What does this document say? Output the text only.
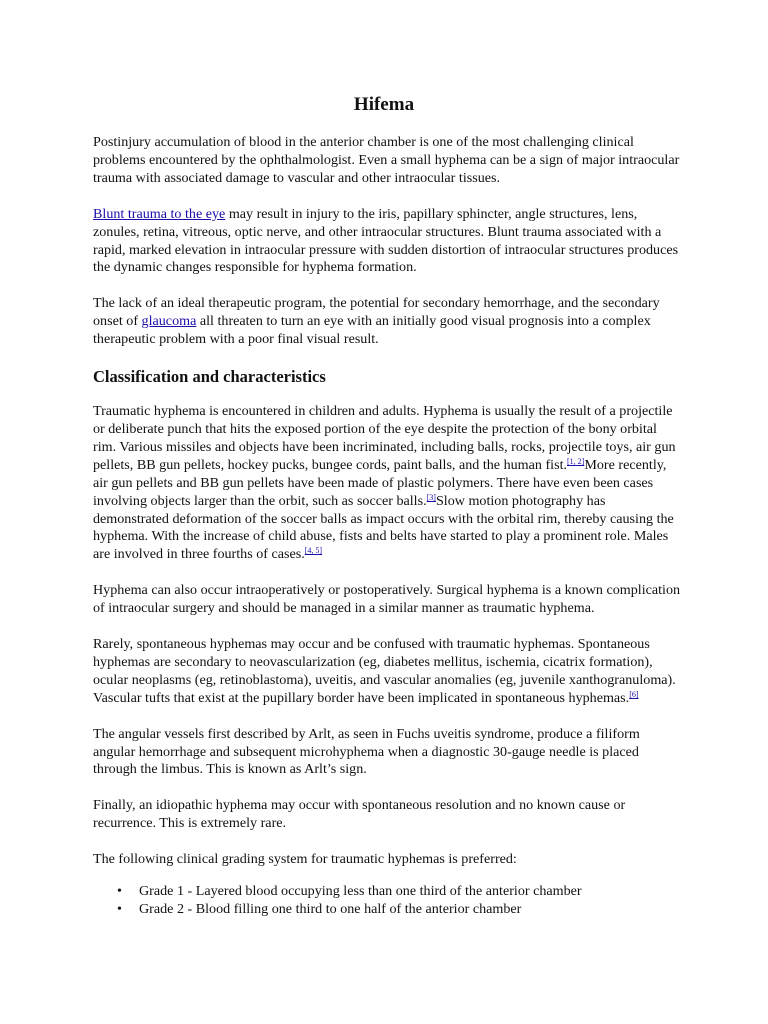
Hifema

Postinjury accumulation of blood in the anterior chamber is one of the most challenging clinical problems encountered by the ophthalmologist. Even a small hyphema can be a sign of major intraocular trauma with associated damage to vascular and other intraocular tissues.

Blunt trauma to the eye may result in injury to the iris, papillary sphincter, angle structures, lens, zonules, retina, vitreous, optic nerve, and other intraocular structures. Blunt trauma associated with a rapid, marked elevation in intraocular pressure with sudden distortion of intraocular structures produces the dynamic changes responsible for hyphema formation.

The lack of an ideal therapeutic program, the potential for secondary hemorrhage, and the secondary onset of glaucoma all threaten to turn an eye with an initially good visual prognosis into a complex therapeutic problem with a poor final visual result.

Classification and characteristics

Traumatic hyphema is encountered in children and adults. Hyphema is usually the result of a projectile or deliberate punch that hits the exposed portion of the eye despite the protection of the bony orbital rim. Various missiles and objects have been incriminated, including balls, rocks, projectile toys, air gun pellets, BB gun pellets, hockey pucks, bungee cords, paint balls, and the human fist.[1, 2]More recently, air gun pellets and BB gun pellets have been made of plastic polymers. There have even been cases involving objects larger than the orbit, such as soccer balls.[3]Slow motion photography has demonstrated deformation of the soccer balls as impact occurs with the orbital rim, thereby causing the hyphema. With the increase of child abuse, fists and belts have started to play a prominent role. Males are involved in three fourths of cases.[4, 5]

Hyphema can also occur intraoperatively or postoperatively. Surgical hyphema is a known complication of intraocular surgery and should be managed in a similar manner as traumatic hyphema.

Rarely, spontaneous hyphemas may occur and be confused with traumatic hyphemas. Spontaneous hyphemas are secondary to neovascularization (eg, diabetes mellitus, ischemia, cicatrix formation), ocular neoplasms (eg, retinoblastoma), uveitis, and vascular anomalies (eg, juvenile xanthogranuloma). Vascular tufts that exist at the pupillary border have been implicated in spontaneous hyphemas.[6]

The angular vessels first described by Arlt, as seen in Fuchs uveitis syndrome, produce a filiform angular hemorrhage and subsequent microhyphema when a diagnostic 30-gauge needle is placed through the limbus. This is known as Arlt’s sign.

Finally, an idiopathic hyphema may occur with spontaneous resolution and no known cause or recurrence. This is extremely rare.

The following clinical grading system for traumatic hyphemas is preferred:

• Grade 1 - Layered blood occupying less than one third of the anterior chamber
• Grade 2 - Blood filling one third to one half of the anterior chamber
